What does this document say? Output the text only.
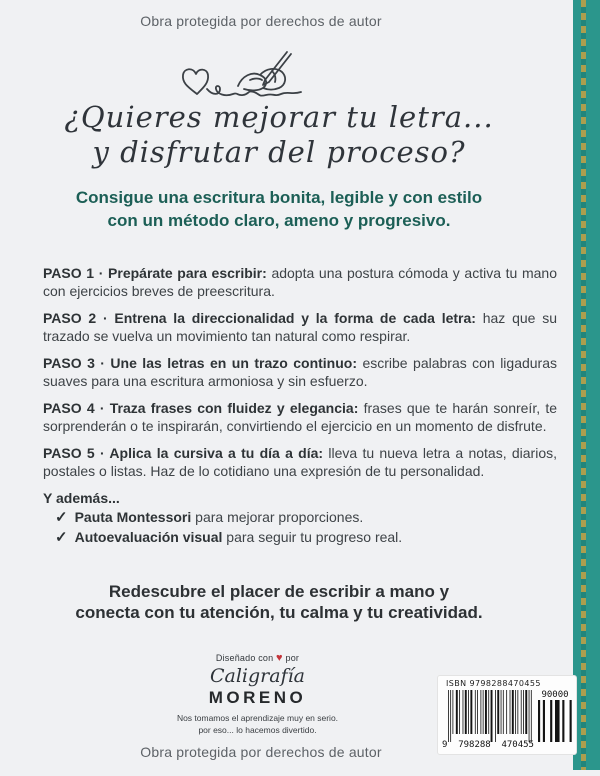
Obra protegida por derechos de autor
¿Quieres mejorar tu letra...
y disfrutar del proceso?
Consigue una escritura bonita, legible y con estilo
con un método claro, ameno y progresivo.

PASO 1 · Prepárate para escribir: adopta una postura cómoda y activa tu mano con ejercicios breves de preescritura.

PASO 2 · Entrena la direccionalidad y la forma de cada letra: haz que su trazado se vuelva un movimiento tan natural como respirar.

PASO 3 · Une las letras en un trazo continuo: escribe palabras con ligaduras suaves para una escritura armoniosa y sin esfuerzo.

PASO 4 · Traza frases con fluidez y elegancia: frases que te harán sonreír, te sorprenderán o te inspirarán, convirtiendo el ejercicio en un momento de disfrute.

PASO 5 · Aplica la cursiva a tu día a día: lleva tu nueva letra a notas, diarios, postales o listas. Haz de lo cotidiano una expresión de tu personalidad.

Y además...
✓ Pauta Montessori para mejorar proporciones.
✓ Autoevaluación visual para seguir tu progreso real.
Redescubre el placer de escribir a mano y
conecta con tu atención, tu calma y tu creatividad.
Diseñado con ♥ por
Caligrafía
MORENO
Nos tomamos el aprendizaje muy en serio.
por eso... lo hacemos divertido.
ISBN 9798288470455
9 798288 470455
90000
Obra protegida por derechos de autor
